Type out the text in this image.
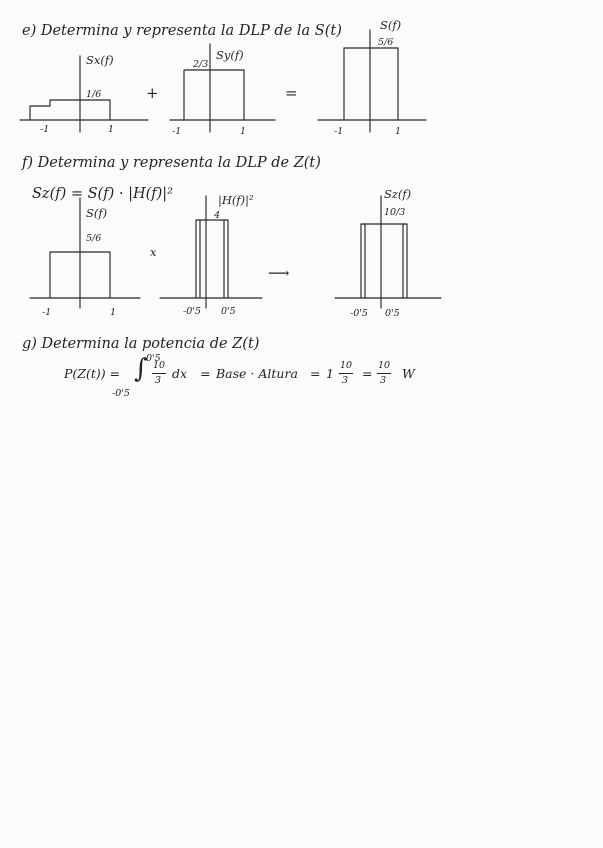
e) Determina y representa la DLP de la S(t)
Sx(f)
1/6
-1	1
+
Sy(f)
2/3
-1	1
=
S(f)
5/6
-1	1
f) Determina y representa la DLP de Z(t)
Sz(f) = S(f) · |H(f)|²
S(f)
5/6
-1	1
x
|H(f)|²
4
-0'5 0'5
⟶
Sz(f)
10/3
-0'5 0'5
g) Determina la potencia de Z(t)
P(Z(t)) = ∫
0'5
-0'5
10
3 dx = Base · Altura = 1 ·
10
3 =
10
3 W
